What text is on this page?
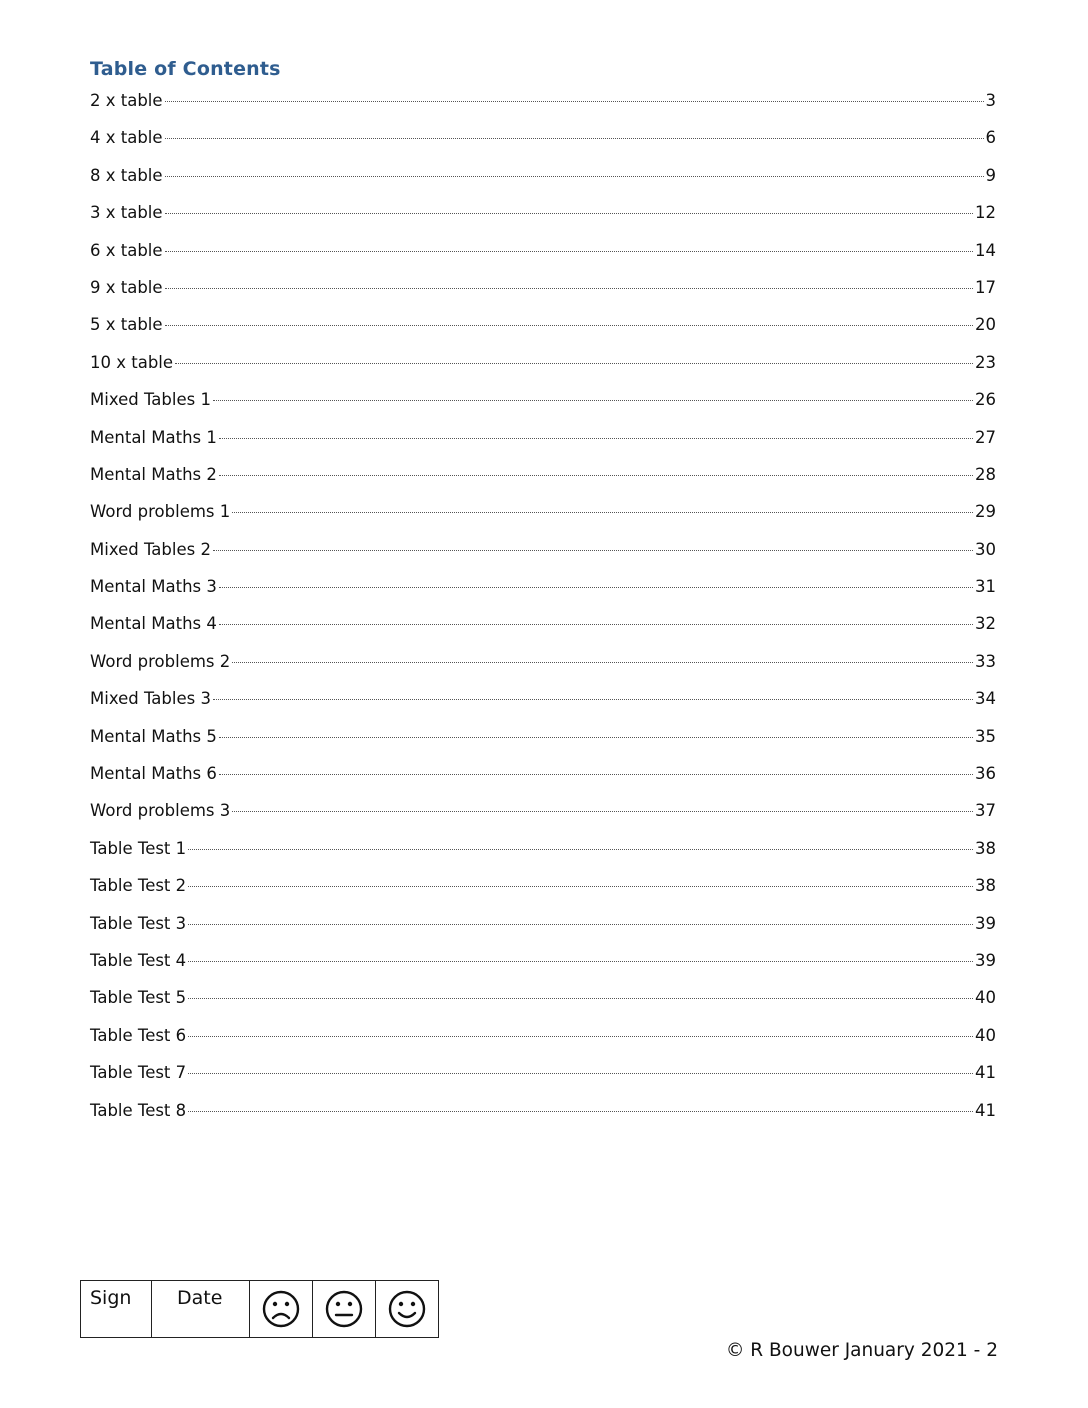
Table of Contents
2 x table	3
4 x table	6
8 x table	9
3 x table	12
6 x table	14
9 x table	17
5 x table	20
10 x table	23
Mixed Tables 1	26
Mental Maths 1	27
Mental Maths 2	28
Word problems 1	29
Mixed Tables 2	30
Mental Maths 3	31
Mental Maths 4	32
Word problems 2	33
Mixed Tables 3	34
Mental Maths 5	35
Mental Maths 6	36
Word problems 3	37
Table Test 1	38
Table Test 2	38
Table Test 3	39
Table Test 4	39
Table Test 5	40
Table Test 6	40
Table Test 7	41
Table Test 8	41
Sign	Date

© R Bouwer January 2021 - 2
